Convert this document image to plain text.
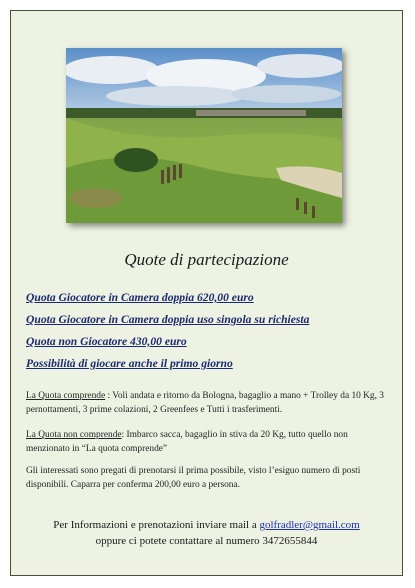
Quote di partecipazione
Quota Giocatore in Camera doppia 620,00 euro
Quota Giocatore in Camera doppia uso singola su richiesta
Quota non Giocatore 430,00 euro
Possibilità di giocare anche il primo giorno
La Quota comprende : Voli andata e ritorno da Bologna, bagaglio a mano + Trolley da 10 Kg, 3 pernottamenti, 3 prime colazioni, 2 Greenfees e Tutti i trasferimenti.
La Quota non comprende: Imbarco sacca, bagaglio in stiva da 20 Kg, tutto quello non menzionato in “La quota comprende”
Gli interessati sono pregati di prenotarsi il prima possibile, visto l’esiguo numero di posti disponibili. Caparra per conferma 200,00 euro a persona.
Per Informazioni e prenotazioni inviare mail a golfradler@gmail.com
oppure ci potete contattare al numero 3472655844
